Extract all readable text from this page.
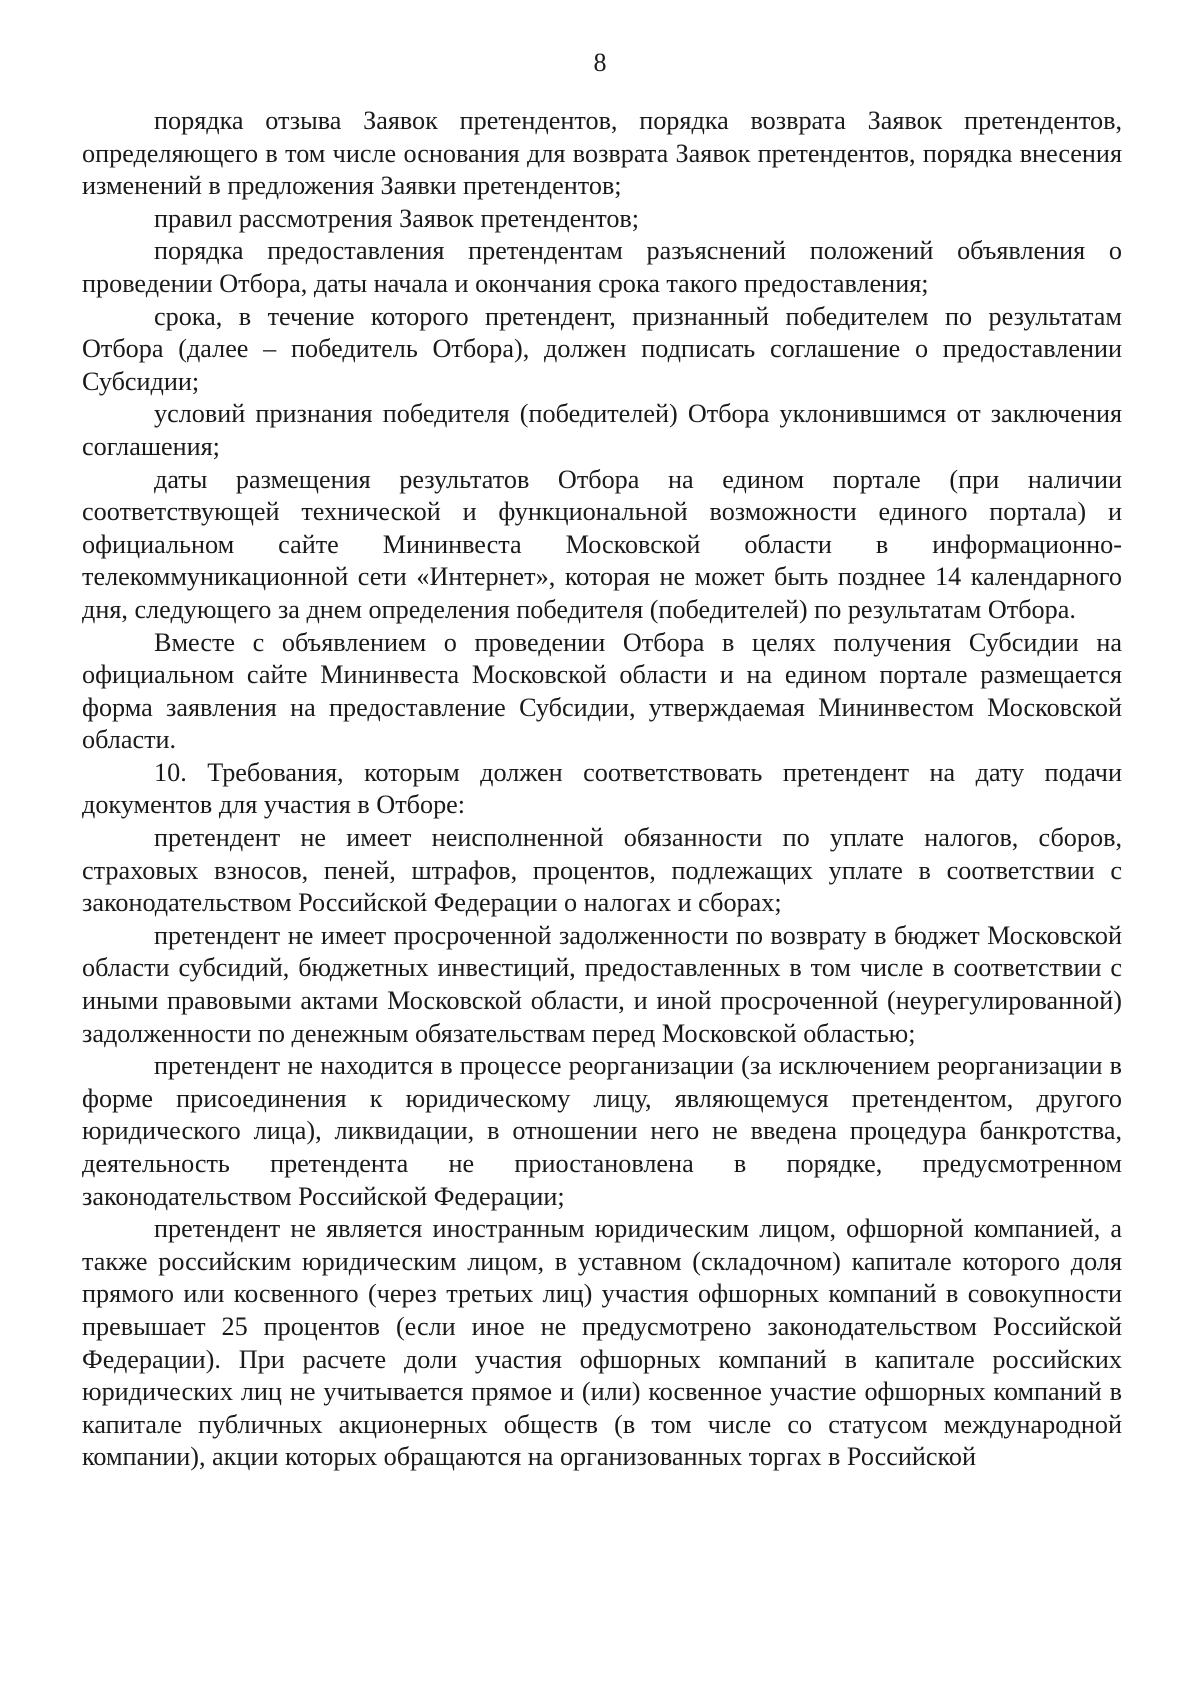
8

порядка отзыва Заявок претендентов, порядка возврата Заявок претендентов, определяющего в том числе основания для возврата Заявок претендентов, порядка внесения изменений в предложения Заявки претендентов;

правил рассмотрения Заявок претендентов;

порядка предоставления претендентам разъяснений положений объявления о проведении Отбора, даты начала и окончания срока такого предоставления;

срока, в течение которого претендент, признанный победителем по результатам Отбора (далее – победитель Отбора), должен подписать соглашение о предоставлении Субсидии;

условий признания победителя (победителей) Отбора уклонившимся от заключения соглашения;

даты размещения результатов Отбора на едином портале (при наличии соответствующей технической и функциональной возможности единого портала) и официальном сайте Мининвеста Московской области в информационно-телекоммуникационной сети «Интернет», которая не может быть позднее 14 календарного дня, следующего за днем определения победителя (победителей) по результатам Отбора.

Вместе с объявлением о проведении Отбора в целях получения Субсидии на официальном сайте Мининвеста Московской области и на едином портале размещается форма заявления на предоставление Субсидии, утверждаемая Мининвестом Московской области.

10. Требования, которым должен соответствовать претендент на дату подачи документов для участия в Отборе:

претендент не имеет неисполненной обязанности по уплате налогов, сборов, страховых взносов, пеней, штрафов, процентов, подлежащих уплате в соответствии с законодательством Российской Федерации о налогах и сборах;

претендент не имеет просроченной задолженности по возврату в бюджет Московской области субсидий, бюджетных инвестиций, предоставленных в том числе в соответствии с иными правовыми актами Московской области, и иной просроченной (неурегулированной) задолженности по денежным обязательствам перед Московской областью;

претендент не находится в процессе реорганизации (за исключением реорганизации в форме присоединения к юридическому лицу, являющемуся претендентом, другого юридического лица), ликвидации, в отношении него не введена процедура банкротства, деятельность претендента не приостановлена в порядке, предусмотренном законодательством Российской Федерации;

претендент не является иностранным юридическим лицом, офшорной компанией, а также российским юридическим лицом, в уставном (складочном) капитале которого доля прямого или косвенного (через третьих лиц) участия офшорных компаний в совокупности превышает 25 процентов (если иное не предусмотрено законодательством Российской Федерации). При расчете доли участия офшорных компаний в капитале российских юридических лиц не учитывается прямое и (или) косвенное участие офшорных компаний в капитале публичных акционерных обществ (в том числе со статусом международной компании), акции которых обращаются на организованных торгах в Российской
